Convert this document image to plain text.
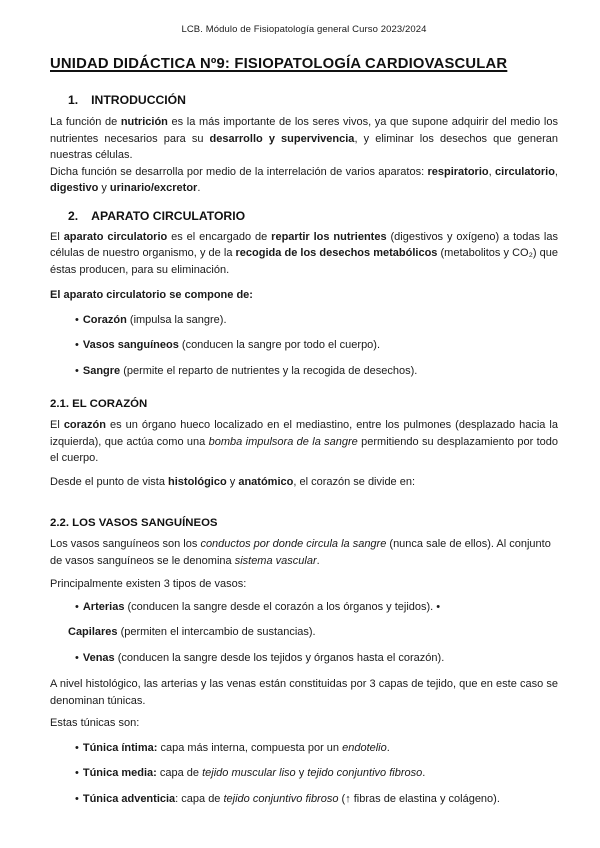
LCB. Módulo de Fisiopatología general Curso 2023/2024
UNIDAD DIDÁCTICA Nº9: FISIOPATOLOGÍA CARDIOVASCULAR
1. INTRODUCCIÓN

La función de nutrición es la más importante de los seres vivos, ya que supone adquirir del medio los nutrientes necesarios para su desarrollo y supervivencia, y eliminar los desechos que generan nuestras células.

Dicha función se desarrolla por medio de la interrelación de varios aparatos: respiratorio, circulatorio, digestivo y urinario/excretor.

2. APARATO CIRCULATORIO

El aparato circulatorio es el encargado de repartir los nutrientes (digestivos y oxígeno) a todas las células de nuestro organismo, y de la recogida de los desechos metabólicos (metabolitos y CO₂) que éstas producen, para su eliminación.

El aparato circulatorio se compone de:

• Corazón (impulsa la sangre).
• Vasos sanguíneos (conducen la sangre por todo el cuerpo).
• Sangre (permite el reparto de nutrientes y la recogida de desechos).
2.1. EL CORAZÓN

El corazón es un órgano hueco localizado en el mediastino, entre los pulmones (desplazado hacia la izquierda), que actúa como una bomba impulsora de la sangre permitiendo su desplazamiento por todo el cuerpo.

Desde el punto de vista histológico y anatómico, el corazón se divide en:

2.2. LOS VASOS SANGUÍNEOS

Los vasos sanguíneos son los conductos por donde circula la sangre (nunca sale de ellos). Al conjunto de vasos sanguíneos se le denomina sistema vascular.

Principalmente existen 3 tipos de vasos:

• Arterias (conducen la sangre desde el corazón a los órganos y tejidos). •
Capilares (permiten el intercambio de sustancias).
• Venas (conducen la sangre desde los tejidos y órganos hasta el corazón).

A nivel histológico, las arterias y las venas están constituidas por 3 capas de tejido, que en este caso se denominan túnicas.

Estas túnicas son:

• Túnica íntima: capa más interna, compuesta por un endotelio.
• Túnica media: capa de tejido muscular liso y tejido conjuntivo fibroso.
• Túnica adventicia: capa de tejido conjuntivo fibroso (↑ fibras de elastina y colágeno).
